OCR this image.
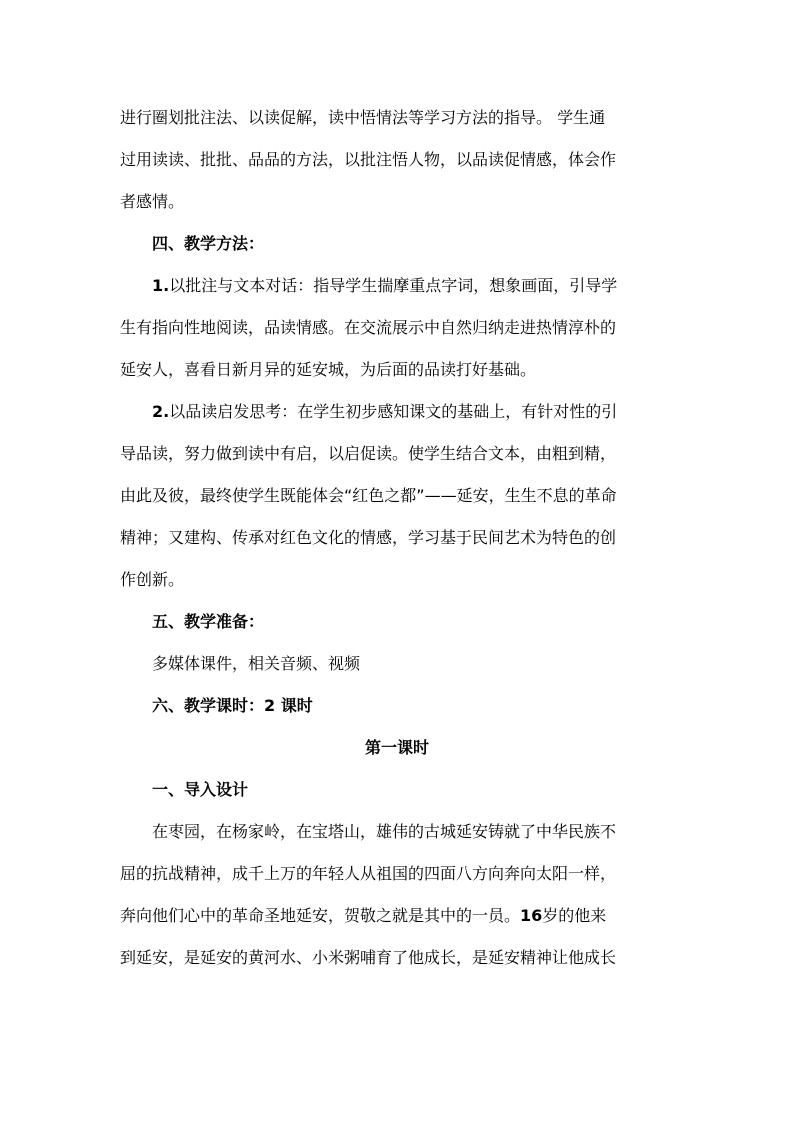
进行圈划批注法、以读促解，读中悟情法等学习方法的指导。 学生通
过用读读、批批、品品的方法，以批注悟人物，以品读促情感，体会作
者感情。
四、教学方法：
1.以批注与文本对话：指导学生揣摩重点字词，想象画面，引导学
生有指向性地阅读，品读情感。在交流展示中自然归纳走进热情淳朴的
延安人，喜看日新月异的延安城，为后面的品读打好基础。
2.以品读启发思考：在学生初步感知课文的基础上，有针对性的引
导品读，努力做到读中有启，以启促读。使学生结合文本，由粗到精，
由此及彼，最终使学生既能体会“红色之都”——延安，生生不息的革命
精神；又建构、传承对红色文化的情感，学习基于民间艺术为特色的创
作创新。
五、教学准备：
多媒体课件，相关音频、视频
六、教学课时：2 课时
第一课时
一、导入设计
在枣园，在杨家岭，在宝塔山，雄伟的古城延安铸就了中华民族不
屈的抗战精神，成千上万的年轻人从祖国的四面八方向奔向太阳一样，
奔向他们心中的革命圣地延安，贺敬之就是其中的一员。16岁的他来
到延安，是延安的黄河水、小米粥哺育了他成长，是延安精神让他成长
